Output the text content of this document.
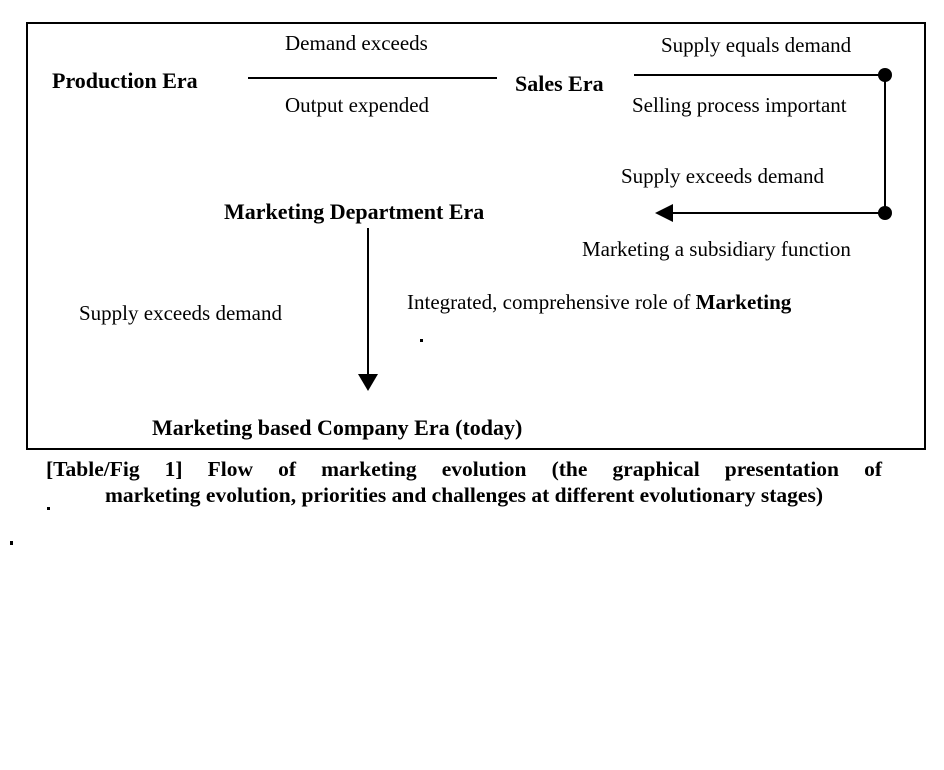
Production Era	Sales Era
Marketing Department Era
Marketing based Company Era (today)
Demand exceeds
Output expended
Supply equals demand
Selling process important
Supply exceeds demand
Marketing a subsidiary function
Supply exceeds demand	Integrated, comprehensive role of Marketing
[Table/Fig 1] Flow of marketing evolution (the graphical presentation of
marketing evolution, priorities and challenges at different evolutionary stages)
